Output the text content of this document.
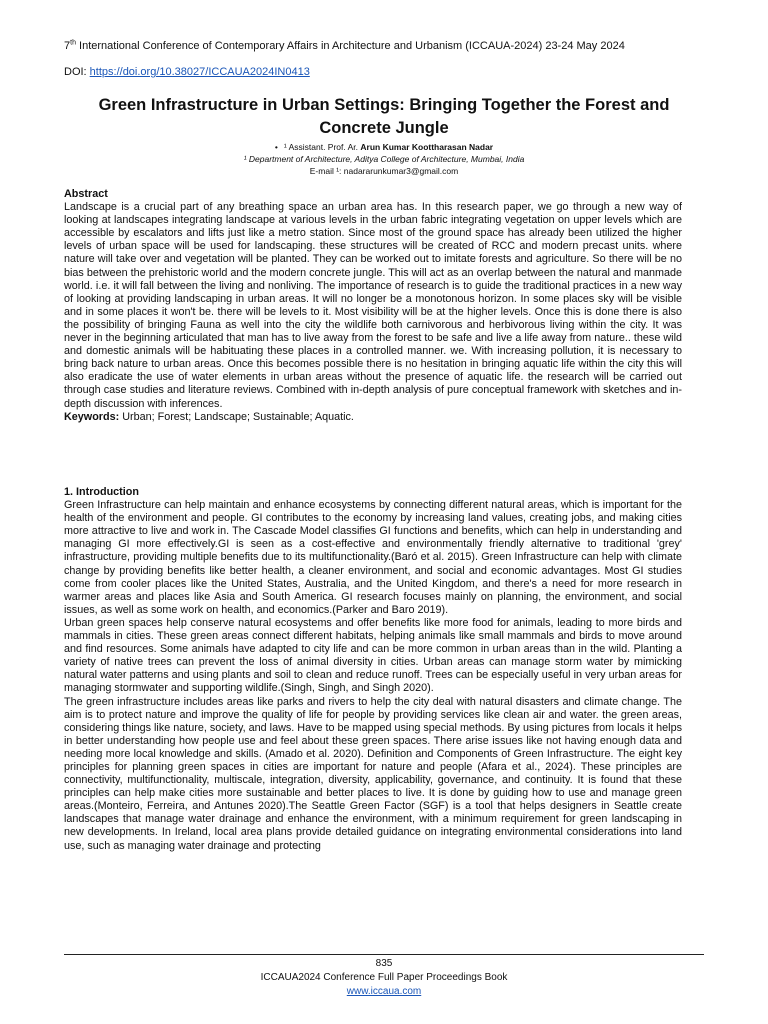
7th International Conference of Contemporary Affairs in Architecture and Urbanism (ICCAUA-2024) 23-24 May 2024
DOI: https://doi.org/10.38027/ICCAUA2024IN0413
Green Infrastructure in Urban Settings: Bringing Together the Forest and Concrete Jungle
• ¹ Assistant. Prof. Ar. Arun Kumar Koottharasan Nadar
¹ Department of Architecture, Aditya College of Architecture, Mumbai, India
E-mail ¹: nadararunkumar3@gmail.com

Abstract

Landscape is a crucial part of any breathing space an urban area has. In this research paper, we go through a new way of looking at landscapes integrating landscape at various levels in the urban fabric integrating vegetation on upper levels which are accessible by escalators and lifts just like a metro station. Since most of the ground space has already been utilized the higher levels of urban space will be used for landscaping. these structures will be created of RCC and modern precast units. where nature will take over and vegetation will be planted. They can be worked out to imitate forests and agriculture. So there will be no bias between the prehistoric world and the modern concrete jungle. This will act as an overlap between the natural and manmade world. i.e. it will fall between the living and nonliving. The importance of research is to guide the traditional practices in a new way of looking at providing landscaping in urban areas. It will no longer be a monotonous horizon. In some places sky will be visible and in some places it won't be. there will be levels to it. Most visibility will be at the higher levels. Once this is done there is also the possibility of bringing Fauna as well into the city the wildlife both carnivorous and herbivorous living within the city. It was never in the beginning articulated that man has to live away from the forest to be safe and live a life away from nature.. these wild and domestic animals will be habituating these places in a controlled manner. we. With increasing pollution, it is necessary to bring back nature to urban areas. Once this becomes possible there is no hesitation in bringing aquatic life within the city this will also eradicate the use of water elements in urban areas without the presence of aquatic life. the research will be carried out through case studies and literature reviews. Combined with in-depth analysis of pure conceptual framework with sketches and in-depth discussion with inferences.

Keywords: Urban; Forest; Landscape; Sustainable; Aquatic.

1. Introduction

Green Infrastructure can help maintain and enhance ecosystems by connecting different natural areas, which is important for the health of the environment and people. GI contributes to the economy by increasing land values, creating jobs, and making cities more attractive to live and work in. The Cascade Model classifies GI functions and benefits, which can help in understanding and managing GI more effectively.GI is seen as a cost-effective and environmentally friendly alternative to traditional 'grey' infrastructure, providing multiple benefits due to its multifunctionality.(Baró et al. 2015). Green Infrastructure can help with climate change by providing benefits like better health, a cleaner environment, and social and economic advantages. Most GI studies come from cooler places like the United States, Australia, and the United Kingdom, and there's a need for more research in warmer areas and places like Asia and South America. GI research focuses mainly on planning, the environment, and social issues, as well as some work on health, and economics.(Parker and Baro 2019).

Urban green spaces help conserve natural ecosystems and offer benefits like more food for animals, leading to more birds and mammals in cities. These green areas connect different habitats, helping animals like small mammals and birds to move around and find resources. Some animals have adapted to city life and can be more common in urban areas than in the wild. Planting a variety of native trees can prevent the loss of animal diversity in cities. Urban areas can manage storm water by mimicking natural water patterns and using plants and soil to clean and reduce runoff. Trees can be especially useful in very urban areas for managing stormwater and supporting wildlife.(Singh, Singh, and Singh 2020).

The green infrastructure includes areas like parks and rivers to help the city deal with natural disasters and climate change. The aim is to protect nature and improve the quality of life for people by providing services like clean air and water. the green areas, considering things like nature, society, and laws. Have to be mapped using special methods. By using pictures from locals it helps in better understanding how people use and feel about these green spaces. There arise issues like not having enough data and needing more local knowledge and skills. (Amado et al. 2020). Definition and Components of Green Infrastructure. The eight key principles for planning green spaces in cities are important for nature and people (Afara et al., 2024). These principles are connectivity, multifunctionality, multiscale, integration, diversity, applicability, governance, and continuity. It is found that these principles can help make cities more sustainable and better places to live. It is done by guiding how to use and manage green areas.(Monteiro, Ferreira, and Antunes 2020).The Seattle Green Factor (SGF) is a tool that helps designers in Seattle create landscapes that manage water drainage and enhance the environment, with a minimum requirement for green landscaping in new developments. In Ireland, local area plans provide detailed guidance on integrating environmental considerations into land use, such as managing water drainage and protecting

835
ICCAUA2024 Conference Full Paper Proceedings Book
www.iccaua.com
